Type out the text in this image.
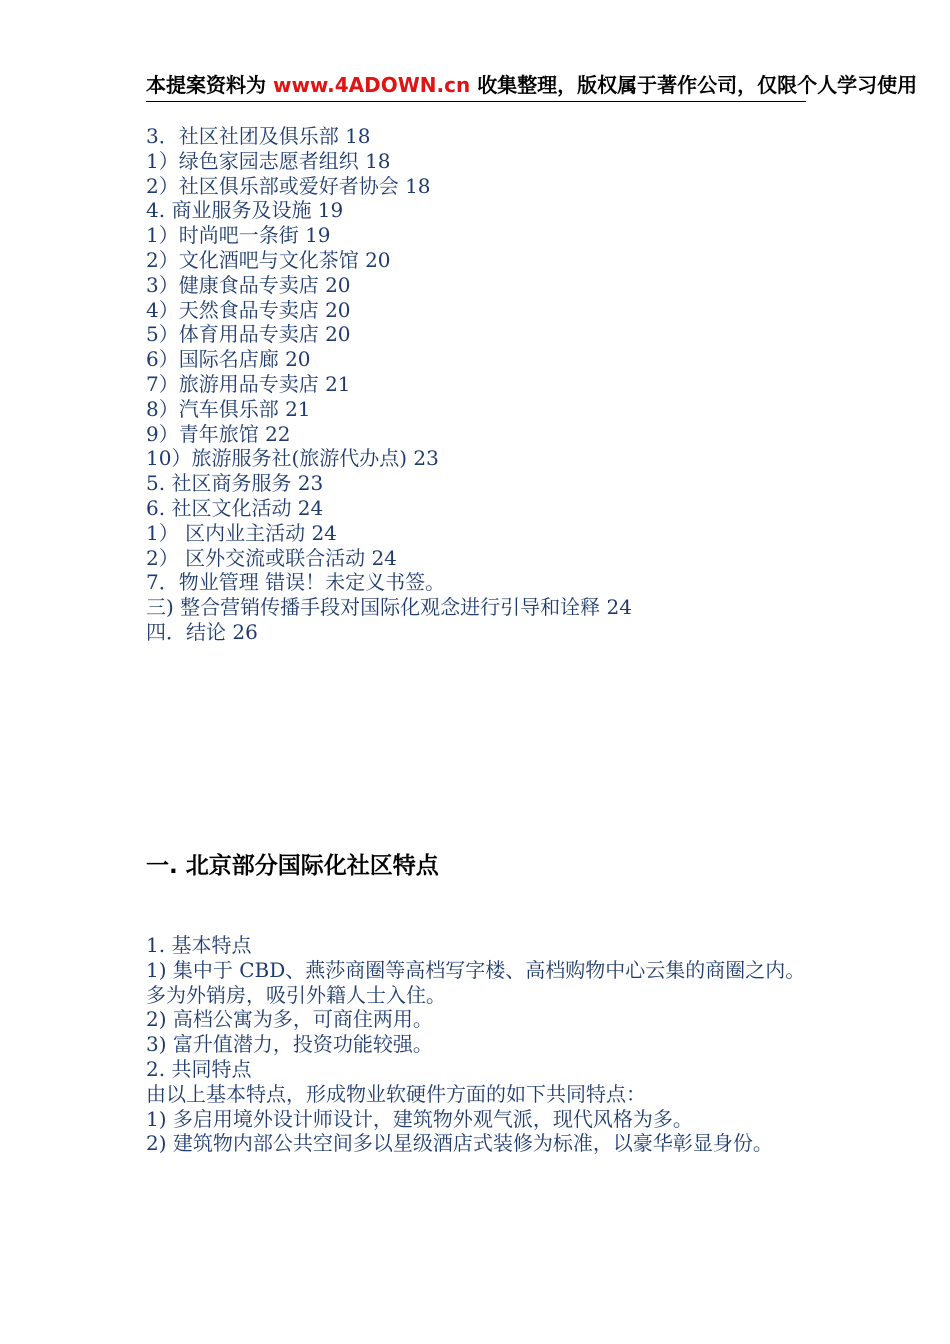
本提案资料为 www.4ADOWN.cn 收集整理，版权属于著作公司，仅限个人学习使用
3．社区社团及俱乐部 18
1）绿色家园志愿者组织 18
2）社区俱乐部或爱好者协会 18
4. 商业服务及设施 19
1）时尚吧一条街 19
2）文化酒吧与文化茶馆 20
3）健康食品专卖店 20
4）天然食品专卖店 20
5）体育用品专卖店 20
6）国际名店廊 20
7）旅游用品专卖店 21
8）汽车俱乐部 21
9）青年旅馆 22
10）旅游服务社(旅游代办点) 23
5. 社区商务服务 23
6. 社区文化活动 24
1） 区内业主活动 24
2） 区外交流或联合活动 24
7．物业管理 错误！未定义书签。
三) 整合营销传播手段对国际化观念进行引导和诠释 24
四．结论 26
一. 北京部分国际化社区特点

1. 基本特点

1) 集中于 CBD、燕莎商圈等高档写字楼、高档购物中心云集的商圈之内。

多为外销房，吸引外籍人士入住。

2) 高档公寓为多，可商住两用。

3) 富升值潜力，投资功能较强。

2. 共同特点

由以上基本特点，形成物业软硬件方面的如下共同特点：

1) 多启用境外设计师设计，建筑物外观气派，现代风格为多。

2) 建筑物内部公共空间多以星级酒店式装修为标准，以豪华彰显身份。
